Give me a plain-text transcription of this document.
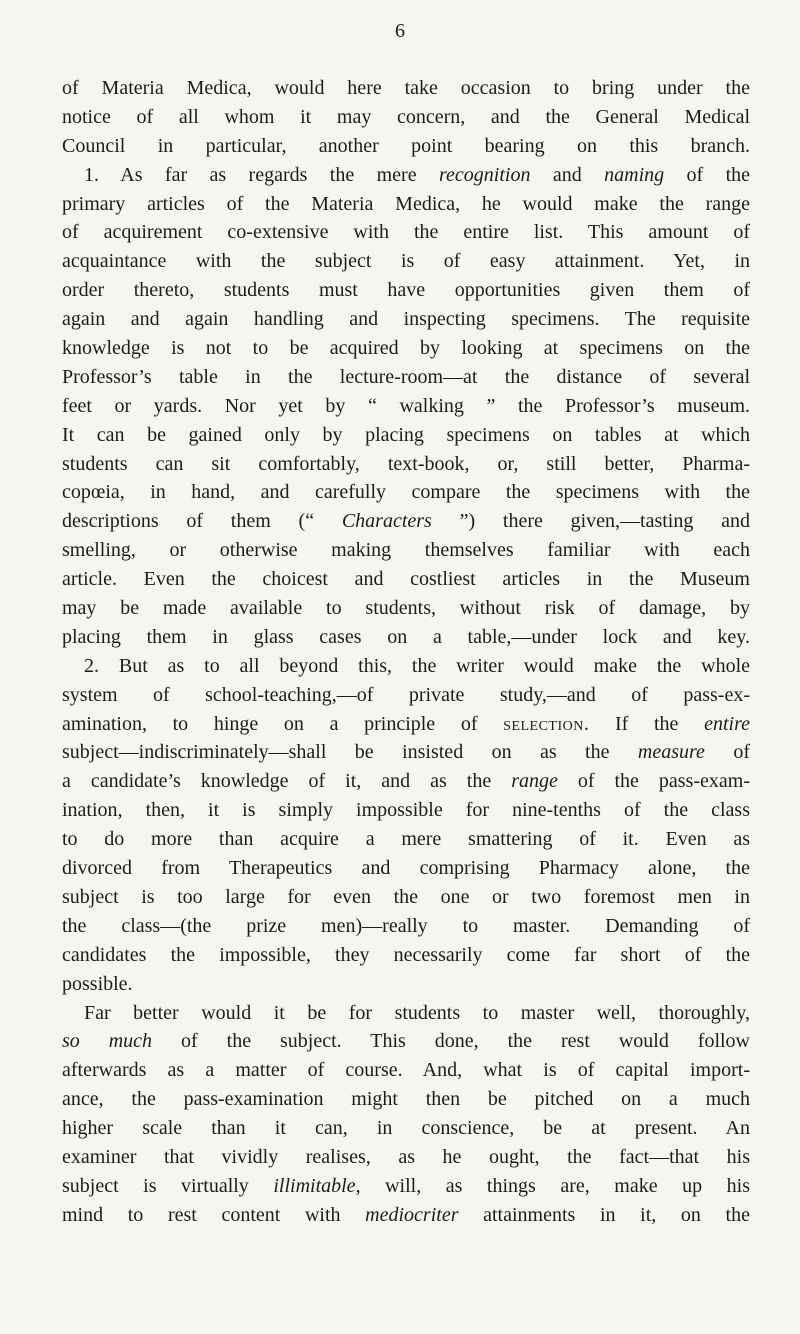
6
of Materia Medica, would here take occasion to bring under the
notice of all whom it may concern, and the General Medical
Council in particular, another point bearing on this branch.
1. As far as regards the mere recognition and naming of the
primary articles of the Materia Medica, he would make the range
of acquirement co-extensive with the entire list. This amount of
acquaintance with the subject is of easy attainment. Yet, in
order thereto, students must have opportunities given them of
again and again handling and inspecting specimens. The requisite
knowledge is not to be acquired by looking at specimens on the
Professor’s table in the lecture-room—at the distance of several
feet or yards. Nor yet by “ walking ” the Professor’s museum.
It can be gained only by placing specimens on tables at which
students can sit comfortably, text-book, or, still better, Pharma-
copœia, in hand, and carefully compare the specimens with the
descriptions of them (“ Characters ”) there given,—tasting and
smelling, or otherwise making themselves familiar with each
article. Even the choicest and costliest articles in the Museum
may be made available to students, without risk of damage, by
placing them in glass cases on a table,—under lock and key.
2. But as to all beyond this, the writer would make the whole
system of school-teaching,—of private study,—and of pass-ex-
amination, to hinge on a principle of selection. If the entire
subject—indiscriminately—shall be insisted on as the measure of
a candidate’s knowledge of it, and as the range of the pass-exam-
ination, then, it is simply impossible for nine-tenths of the class
to do more than acquire a mere smattering of it. Even as
divorced from Therapeutics and comprising Pharmacy alone, the
subject is too large for even the one or two foremost men in
the class—(the prize men)—really to master. Demanding of
candidates the impossible, they necessarily come far short of the
possible.
Far better would it be for students to master well, thoroughly,
so much of the subject. This done, the rest would follow
afterwards as a matter of course. And, what is of capital import-
ance, the pass-examination might then be pitched on a much
higher scale than it can, in conscience, be at present. An
examiner that vividly realises, as he ought, the fact—that his
subject is virtually illimitable, will, as things are, make up his
mind to rest content with mediocriter attainments in it, on the
